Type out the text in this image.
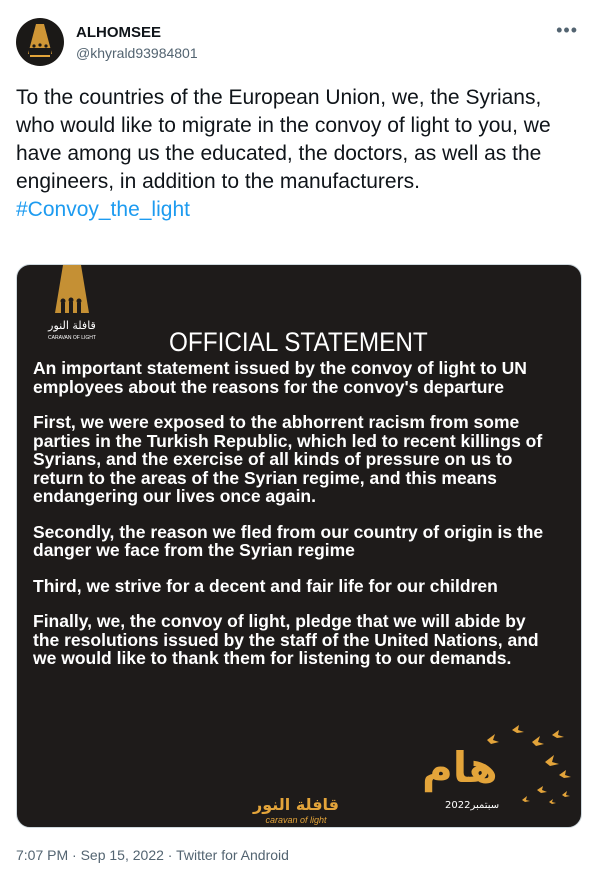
ALHOMSEE
@khyrald93984801
•••
To the countries of the European Union, we, the Syrians, who would like to migrate in the convoy of light to you, we have among us the educated, the doctors, as well as the engineers, in addition to the manufacturers.
#Convoy_the_light
قافلة النور
CARAVAN OF LIGHT	OFFICIAL STATEMENT

An important statement issued by the convoy of light to UN employees about the reasons for the convoy's departure

First, we were exposed to the abhorrent racism from some parties in the Turkish Republic, which led to recent killings of Syrians, and the exercise of all kinds of pressure on us to return to the areas of the Syrian regime, and this means endangering our lives once again.

Secondly, the reason we fled from our country of origin is the danger we face from the Syrian regime

Third, we strive for a decent and fair life for our children

Finally, we, the convoy of light, pledge that we will abide by the resolutions issued by the staff of the United Nations, and we would like to thank them for listening to our demands.

هام
2022سبتمبر
قافلة النور
caravan of light
7:07 PM · Sep 15, 2022 · Twitter for Android
